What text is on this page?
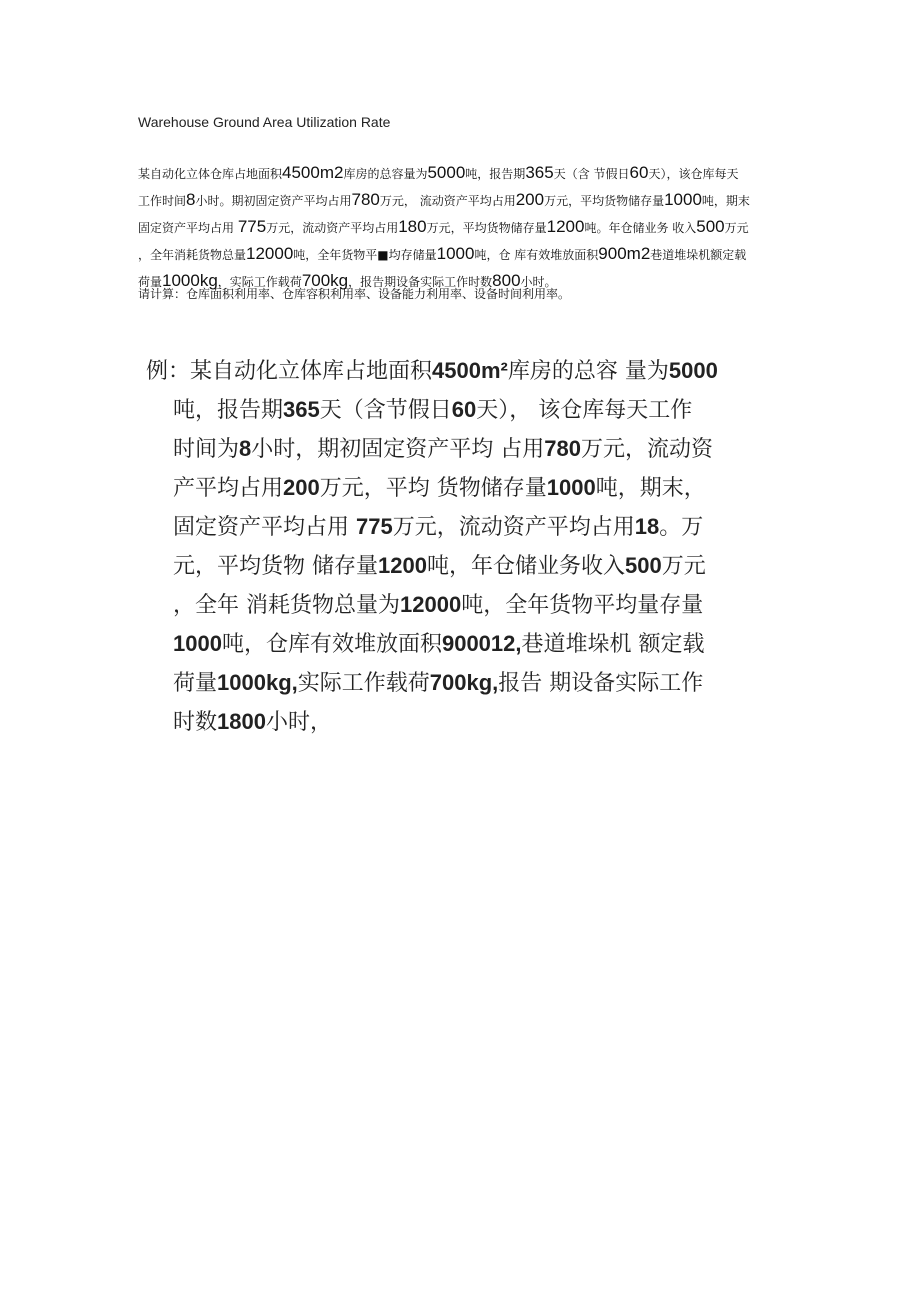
Warehouse Ground Area Utilization Rate
某自动化立体仓库占地面积4500m2库房的总容量为5000吨，报告期365天（含 节假日60天），该仓库每天
工作时间8小时。期初固定资产平均占用780万元， 流动资产平均占用200万元，平均货物储存量1000吨，期末
固定资产平均占用 775万元，流动资产平均占用180万元，平均货物储存量1200吨。年仓储业务 收入500万元
，全年消耗货物总量12000吨，全年货物平■均存储量1000吨，仓 库有效堆放面积900m2巷道堆垛机额定载
荷量1000kg，实际工作载荷700kg，报告期设备实际工作时数800小时。
请计算：仓库面积利用率、仓库容积利用率、设备能力利用率、设备时间利用率。
例：某自动化立体库占地面积4500m²库房的总容 量为5000
吨，报告期365天（含节假日60天）， 该仓库每天工作
时间为8小时，期初固定资产平均 占用780万元，流动资
产平均占用200万元，平均 货物储存量1000吨，期末，
固定资产平均占用 775万元，流动资产平均占用18。万
元，平均货物 储存量1200吨，年仓储业务收入500万元
，全年 消耗货物总量为12000吨，全年货物平均量存量
1000吨，仓库有效堆放面积900012,巷道堆垛机 额定载
荷量1000kg,实际工作载荷700kg,报告 期设备实际工作
时数1800小时，
